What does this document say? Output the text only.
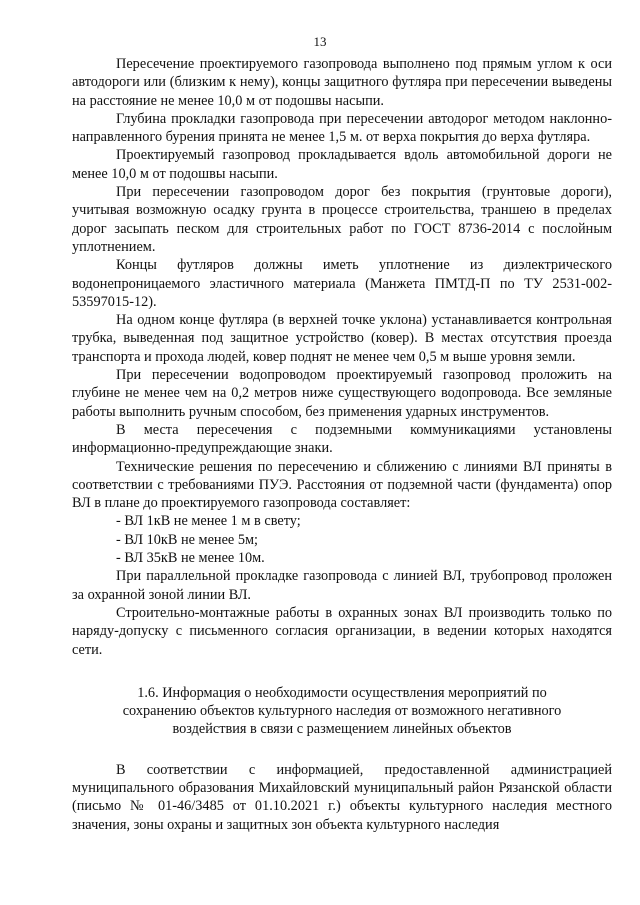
13

Пересечение проектируемого газопровода выполнено под прямым углом к оси автодороги или (близким к нему), концы защитного футляра при пересечении выведены на расстояние не менее 10,0 м от подошвы насыпи.

Глубина прокладки газопровода при пересечении автодорог методом наклонно-направленного бурения принята не менее 1,5 м. от верха покрытия до верха футляра.

Проектируемый газопровод прокладывается вдоль автомобильной дороги не менее 10,0 м от подошвы насыпи.

При пересечении газопроводом дорог без покрытия (грунтовые дороги), учитывая возможную осадку грунта в процессе строительства, траншею в пределах дорог засыпать песком для строительных работ по ГОСТ 8736-2014 с послойным уплотнением.

Концы футляров должны иметь уплотнение из диэлектрического водонепроницаемого эластичного материала (Манжета ПМТД-П по ТУ 2531-002-53597015-12).

На одном конце футляра (в верхней точке уклона) устанавливается контрольная трубка, выведенная под защитное устройство (ковер). В местах отсутствия проезда транспорта и прохода людей, ковер поднят не менее чем 0,5 м выше уровня земли.

При пересечении водопроводом проектируемый газопровод проложить на глубине не менее чем на 0,2 метров ниже существующего водопровода. Все земляные работы выполнить ручным способом, без применения ударных инструментов.

В места пересечения с подземными коммуникациями установлены информационно-предупреждающие знаки.

Технические решения по пересечению и сближению с линиями ВЛ приняты в соответствии с требованиями ПУЭ. Расстояния от подземной части (фундамента) опор ВЛ в плане до проектируемого газопровода составляет:

- ВЛ 1кВ не менее 1 м в свету;

- ВЛ 10кВ не менее 5м;

- ВЛ 35кВ не менее 10м.

При параллельной прокладке газопровода с линией ВЛ, трубопровод проложен за охранной зоной линии ВЛ.

Строительно-монтажные работы в охранных зонах ВЛ производить только по наряду-допуску с письменного согласия организации, в ведении которых находятся сети.

1.6. Информация о необходимости осуществления мероприятий по сохранению объектов культурного наследия от возможного негативного воздействия в связи с размещением линейных объектов

В соответствии с информацией, предоставленной администрацией муниципального образования Михайловский муниципальный район Рязанской области (письмо № 01-46/3485 от 01.10.2021 г.) объекты культурного наследия местного значения, зоны охраны и защитных зон объекта культурного наследия
